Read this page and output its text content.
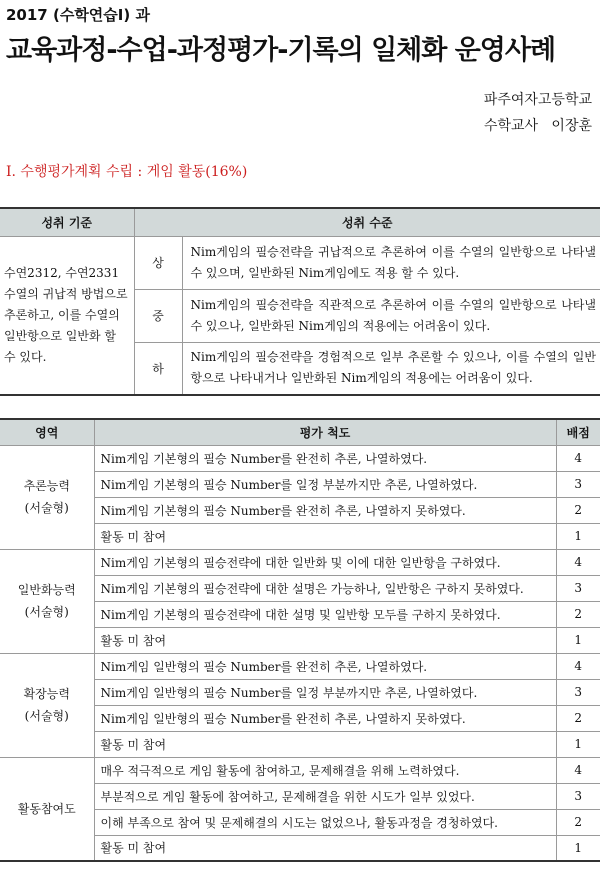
2017 (수학연습Ⅰ) 과
교육과정-수업-과정평가-기록의 일체화 운영사례
파주여자고등학교
수학교사   이장훈
Ⅰ. 수행평가계획 수립 : 게임 활동(16%)
성취 기준	성취 수준	

수연2312, 수연2331
수열의 귀납적 방법으로
추론하고, 이를 수열의
일반항으로 일반화 할
수 있다.	상	Nim게임의 필승전략을 귀납적으로 추론하여 이를 수열의 일반항으로 나타낼 수 있으며, 일반화된 Nim게임에도 적용 할 수 있다.
	중	Nim게임의 필승전략을 직관적으로 추론하여 이를 수열의 일반항으로 나타낼 수 있으나, 일반화된 Nim게임의 적용에는 어려움이 있다.
	하	Nim게임의 필승전략을 경험적으로 일부 추론할 수 있으나, 이를 수열의 일반항으로 나타내거나 일반화된 Nim게임의 적용에는 어려움이 있다.
영역	평가 척도	배점

추론능력
(서술형)	Nim게임 기본형의 필승 Number를 완전히 추론, 나열하였다.	4
	Nim게임 기본형의 필승 Number를 일정 부분까지만 추론, 나열하였다.	3
	Nim게임 기본형의 필승 Number를 완전히 추론, 나열하지 못하였다.	2
	활동 미 참여	1

일반화능력
(서술형)	Nim게임 기본형의 필승전략에 대한 일반화 및 이에 대한 일반항을 구하였다.	4
	Nim게임 기본형의 필승전략에 대한 설명은 가능하나, 일반항은 구하지 못하였다.	3
	Nim게임 기본형의 필승전략에 대한 설명 및 일반항 모두를 구하지 못하였다.	2
	활동 미 참여	1

확장능력
(서술형)	Nim게임 일반형의 필승 Number를 완전히 추론, 나열하였다.	4
	Nim게임 일반형의 필승 Number를 일정 부분까지만 추론, 나열하였다.	3
	Nim게임 일반형의 필승 Number를 완전히 추론, 나열하지 못하였다.	2
	활동 미 참여	1

활동참여도	매우 적극적으로 게임 활동에 참여하고, 문제해결을 위해 노력하였다.	4
	부분적으로 게임 활동에 참여하고, 문제해결을 위한 시도가 일부 있었다.	3
	이해 부족으로 참여 및 문제해결의 시도는 없었으나, 활동과정을 경청하였다.	2
	활동 미 참여	1
